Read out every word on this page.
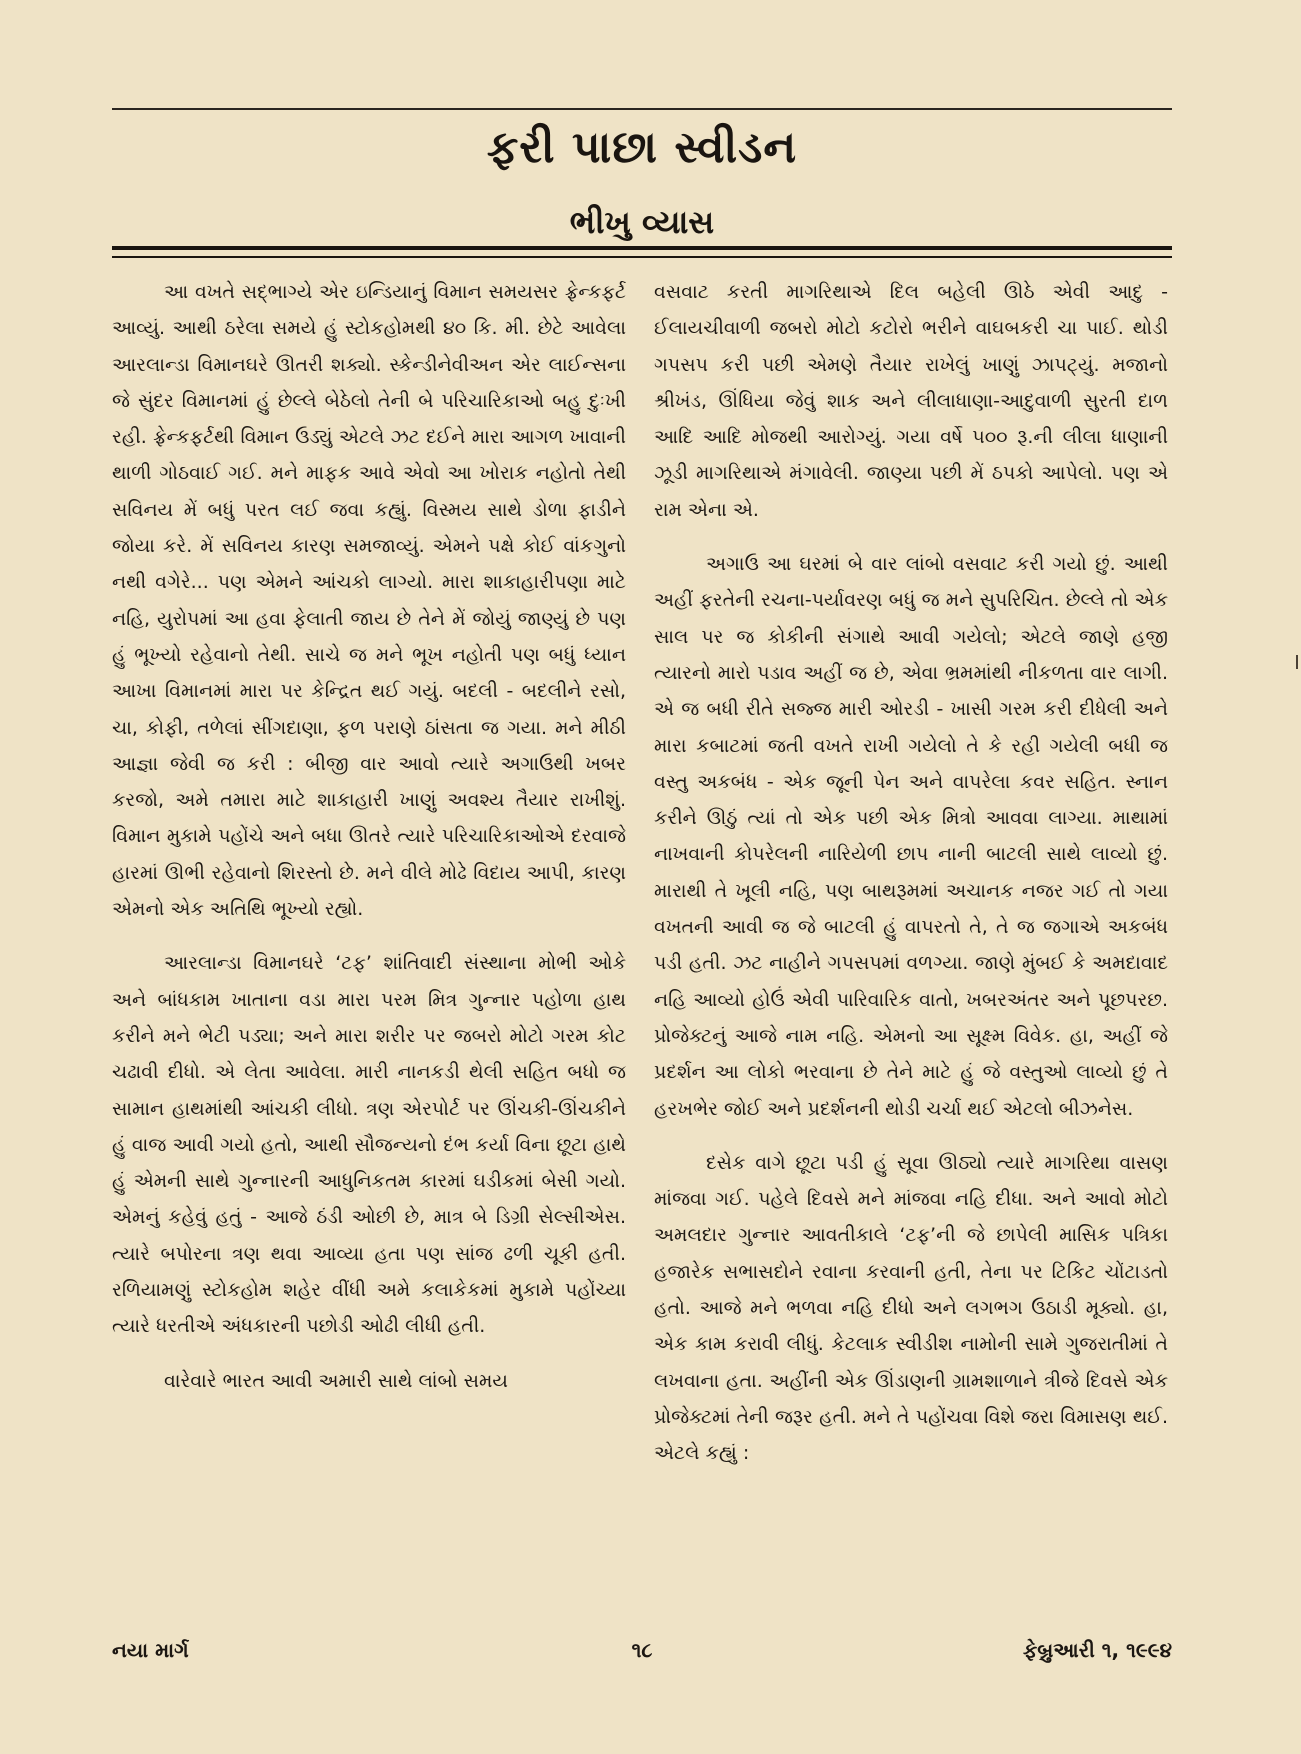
ફરી પાછા સ્વીડન
ભીખુ વ્યાસ

આ વખતે સદ્ભાગ્યે એર ઇન્ડિયાનું વિમાન સમયસર ફ્રેન્કફર્ટ આવ્યું. આથી ઠરેલા સમયે હું સ્ટોકહોમથી ૪૦ કિ. મી. છેટે આવેલા આરલાન્ડા વિમાનઘરે ઊતરી શક્યો. સ્કેન્ડીનેવીઅન એર લાઈન્સના જે સુંદર વિમાનમાં હું છેલ્લે બેઠેલો તેની બે પરિચારિકાઓ બહુ દુઃખી રહી. ફ્રેન્કફર્ટથી વિમાન ઉડ્યું એટલે ઝટ દઈને મારા આગળ ખાવાની થાળી ગોઠવાઈ ગઈ. મને માફક આવે એવો આ ખોરાક નહોતો તેથી સવિનય મેં બધું પરત લઈ જવા કહ્યું. વિસ્મય સાથે ડોળા ફાડીને જોયા કરે. મેં સવિનય કારણ સમજાવ્યું. એમને પક્ષે કોઈ વાંકગુનો નથી વગેરે... પણ એમને આંચકો લાગ્યો. મારા શાકાહારીપણા માટે નહિ, યુરોપમાં આ હવા ફેલાતી જાય છે તેને મેં જોયું જાણ્યું છે પણ હું ભૂખ્યો રહેવાનો તેથી. સાચે જ મને ભૂખ નહોતી પણ બધું ધ્યાન આખા વિમાનમાં મારા પર કેન્દ્રિત થઈ ગયું. બદલી - બદલીને રસો, ચા, કોફી, તળેલાં સીંગદાણા, ફળ પરાણે ઠાંસતા જ ગયા. મને મીઠી આજ્ઞા જેવી જ કરી : બીજી વાર આવો ત્યારે અગાઉથી ખબર કરજો, અમે તમારા માટે શાકાહારી ખાણું અવશ્ય તૈયાર રાખીશું. વિમાન મુકામે પહોંચે અને બધા ઊતરે ત્યારે પરિચારિકાઓએ દરવાજે હારમાં ઊભી રહેવાનો શિરસ્તો છે. મને વીલે મોઢે વિદાય આપી, કારણ એમનો એક અતિથિ ભૂખ્યો રહ્યો.

આરલાન્ડા વિમાનઘરે ‘ટફ’ શાંતિવાદી સંસ્થાના મોભી ઓકે અને બાંધકામ ખાતાના વડા મારા પરમ મિત્ર ગુન્નાર પહોળા હાથ કરીને મને ભેટી પડ્યા; અને મારા શરીર પર જબરો મોટો ગરમ કોટ ચઢાવી દીધો. એ લેતા આવેલા. મારી નાનકડી થેલી સહિત બધો જ સામાન હાથમાંથી આંચકી લીધો. ત્રણ એરપોર્ટ પર ઊંચકી-ઊંચકીને હું વાજ આવી ગયો હતો, આથી સૌજન્યનો દંભ કર્યા વિના છૂટા હાથે હું એમની સાથે ગુન્નારની આધુનિકતમ કારમાં ઘડીકમાં બેસી ગયો. એમનું કહેવું હતું - આજે ઠંડી ઓછી છે, માત્ર બે ડિગ્રી સેલ્સીએસ. ત્યારે બપોરના ત્રણ થવા આવ્યા હતા પણ સાંજ ઢળી ચૂકી હતી. રળિયામણું સ્ટોકહોમ શહેર વીંધી અમે કલાકેકમાં મુકામે પહોંચ્યા ત્યારે ધરતીએ અંધકારની પછોડી ઓઢી લીધી હતી.

વારેવારે ભારત આવી અમારી સાથે લાંબો સમય

વસવાટ કરતી માગરિથાએ દિલ બહેલી ઊઠે એવી આદુ - ઈલાયચીવાળી જબરો મોટો કટોરો ભરીને વાઘબકરી ચા પાઈ. થોડી ગપસપ કરી પછી એમણે તૈયાર રાખેલું ખાણું ઝાપટ્યું. મજાનો શ્રીખંડ, ઊંધિયા જેવું શાક અને લીલાધાણા-આદુવાળી સુરતી દાળ આદિ આદિ મોજથી આરોગ્યું. ગયા વર્ષે ૫૦૦ રૂ.ની લીલા ધાણાની ઝૂડી માગરિથાએ મંગાવેલી. જાણ્યા પછી મેં ઠપકો આપેલો. પણ એ રામ એના એ.

અગાઉ આ ઘરમાં બે વાર લાંબો વસવાટ કરી ગયો છું. આથી અહીં ફરતેની રચના-પર્યાવરણ બધું જ મને સુપરિચિત. છેલ્લે તો એક સાલ પર જ કોકીની સંગાથે આવી ગયેલો; એટલે જાણે હજી ત્યારનો મારો પડાવ અહીં જ છે, એવા ભ્રમમાંથી નીકળતા વાર લાગી. એ જ બધી રીતે સજ્જ મારી ઓરડી - ખાસી ગરમ કરી દીધેલી અને મારા કબાટમાં જતી વખતે રાખી ગયેલો તે કે રહી ગયેલી બધી જ વસ્તુ અકબંધ - એક જૂની પેન અને વાપરેલા કવર સહિત. સ્નાન કરીને ઊઠું ત્યાં તો એક પછી એક મિત્રો આવવા લાગ્યા. માથામાં નાખવાની કોપરેલની નારિયેળી છાપ નાની બાટલી સાથે લાવ્યો છું. મારાથી તે ખૂલી નહિ, પણ બાથરૂમમાં અચાનક નજર ગઈ તો ગયા વખતની આવી જ જે બાટલી હું વાપરતો તે, તે જ જગાએ અકબંધ પડી હતી. ઝટ નાહીને ગપસપમાં વળગ્યા. જાણે મુંબઈ કે અમદાવાદ નહિ આવ્યો હોઉં એવી પારિવારિક વાતો, ખબરઅંતર અને પૂછપરછ. પ્રોજેક્ટનું આજે નામ નહિ. એમનો આ સૂક્ષ્મ વિવેક. હા, અહીં જે પ્રદર્શન આ લોકો ભરવાના છે તેને માટે હું જે વસ્તુઓ લાવ્યો છું તે હરખભેર જોઈ અને પ્રદર્શનની થોડી ચર્ચા થઈ એટલો બીઝનેસ.

દસેક વાગે છૂટા પડી હું સૂવા ઊઠ્યો ત્યારે માગરિથા વાસણ માંજવા ગઈ. પહેલે દિવસે મને માંજવા નહિ દીધા. અને આવો મોટો અમલદાર ગુન્નાર આવતીકાલે ‘ટફ’ની જે છાપેલી માસિક પત્રિકા હજારેક સભાસદોને રવાના કરવાની હતી, તેના પર ટિકિટ ચોંટાડતો હતો. આજે મને ભળવા નહિ દીધો અને લગભગ ઉઠાડી મૂક્યો. હા, એક કામ કરાવી લીધું. કેટલાક સ્વીડીશ નામોની સામે ગુજરાતીમાં તે લખવાના હતા. અહીંની એક ઊંડાણની ગ્રામશાળાને ત્રીજે દિવસે એક પ્રોજેક્ટમાં તેની જરૂર હતી. મને તે પહોંચવા વિશે જરા વિમાસણ થઈ. એટલે કહ્યું :

નયા માર્ગ	૧૮	ફેબ્રુઆરી ૧, ૧૯૯૪
